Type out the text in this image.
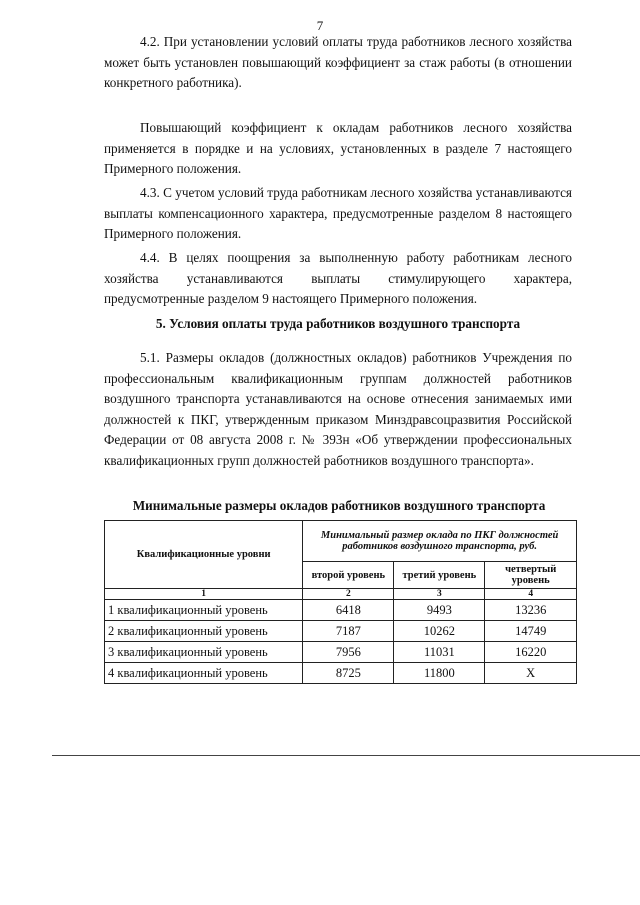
7

4.2. При установлении условий оплаты труда работников лесного хозяйства может быть установлен повышающий коэффициент за стаж работы (в отношении конкретного работника).

Повышающий коэффициент к окладам работников лесного хозяйства применяется в порядке и на условиях, установленных в разделе 7 настоящего Примерного положения.

4.3. С учетом условий труда работникам лесного хозяйства устанавливаются выплаты компенсационного характера, предусмотренные разделом 8 настоящего Примерного положения.

4.4. В целях поощрения за выполненную работу работникам лесного хозяйства устанавливаются выплаты стимулирующего характера, предусмотренные разделом 9 настоящего Примерного положения.

5. Условия оплаты труда работников воздушного транспорта

5.1. Размеры окладов (должностных окладов) работников Учреждения по профессиональным квалификационным группам должностей работников воздушного транспорта устанавливаются на основе отнесения занимаемых ими должностей к ПКГ, утвержденным приказом Минздравсоцразвития Российской Федерации от 08 августа 2008 г. № 393н «Об утверждении профессиональных квалификационных групп должностей работников воздушного транспорта».

Минимальные размеры окладов работников воздушного транспорта
Квалификационные уровни	Минимальный размер оклада по ПКГ должностей работников воздушного транспорта, руб.		
	второй уровень	третий уровень	четвертый уровень
1	2	3	4
1 квалификационный уровень	6418	9493	13236
2 квалификационный уровень	7187	10262	14749
3 квалификационный уровень	7956	11031	16220
4 квалификационный уровень	8725	11800	X
